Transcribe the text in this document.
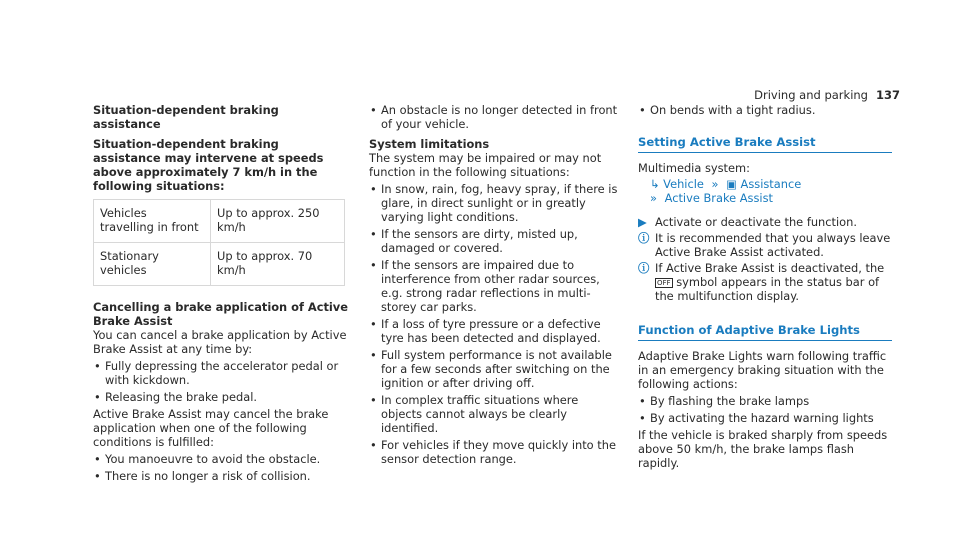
Driving and parking 137
Situation-dependent braking assistance
Situation-dependent braking assistance may intervene at speeds above approximately 7 km/h in the following situations:
Vehicles travelling in front	Up to approx. 250 km/h
Stationary vehicles	Up to approx. 70 km/h
Cancelling a brake application of Active Brake Assist

You can cancel a brake application by Active Brake Assist at any time by:

• Fully depressing the accelerator pedal or with kickdown.
• Releasing the brake pedal.

Active Brake Assist may cancel the brake application when one of the following conditions is fulfilled:

• You manoeuvre to avoid the obstacle.
• There is no longer a risk of collision.
• An obstacle is no longer detected in front of your vehicle.
System limitations

The system may be impaired or may not function in the following situations:

• In snow, rain, fog, heavy spray, if there is glare, in direct sunlight or in greatly varying light conditions.
• If the sensors are dirty, misted up, damaged or covered.
• If the sensors are impaired due to interference from other radar sources, e.g. strong radar reflections in multi-storey car parks.
• If a loss of tyre pressure or a defective tyre has been detected and displayed.
• Full system performance is not available for a few seconds after switching on the ignition or after driving off.
• In complex traffic situations where objects cannot always be clearly identified.
• For vehicles if they move quickly into the sensor detection range.
• On bends with a tight radius.
Setting Active Brake Assist

Multimedia system:

↳ Vehicle » ▣ Assistance
» Active Brake Assist
▶ Activate or deactivate the function.
ⓘ It is recommended that you always leave Active Brake Assist activated.
ⓘ If Active Brake Assist is deactivated, the OFF symbol appears in the status bar of the multifunction display.
Function of Adaptive Brake Lights

Adaptive Brake Lights warn following traffic in an emergency braking situation with the following actions:

• By flashing the brake lamps
• By activating the hazard warning lights

If the vehicle is braked sharply from speeds above 50 km/h, the brake lamps flash rapidly.
